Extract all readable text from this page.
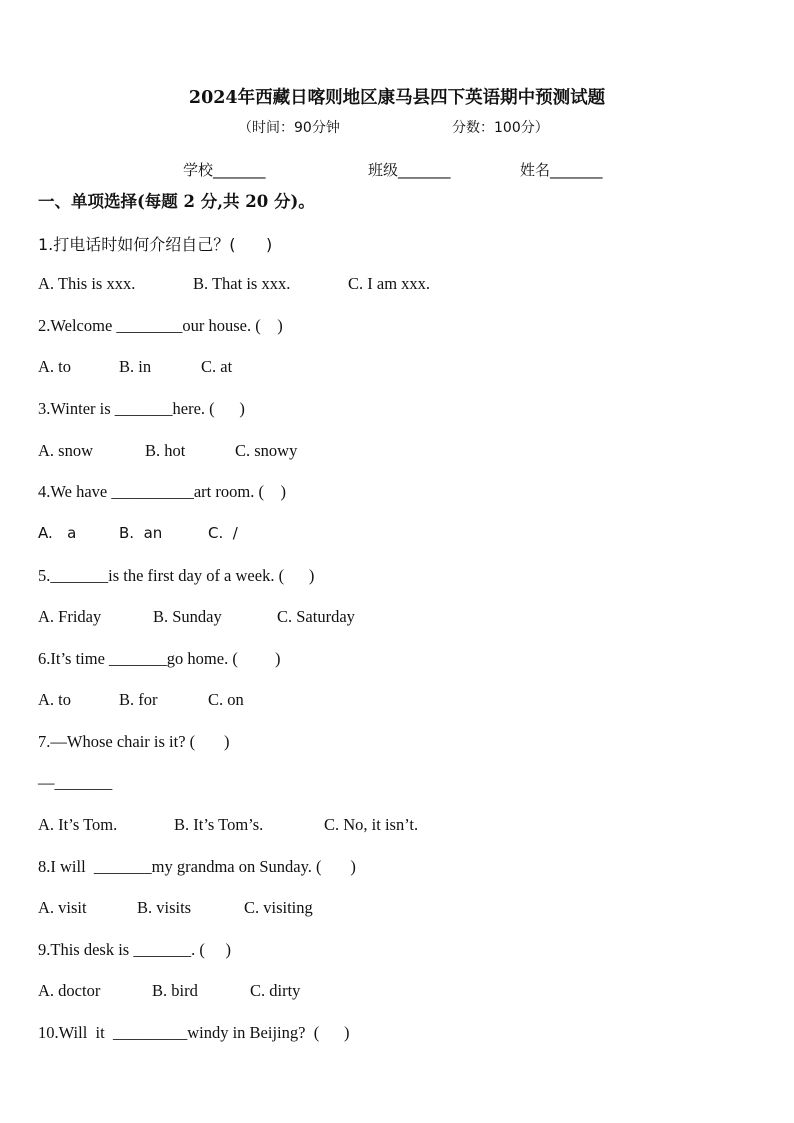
2024年西藏日喀则地区康马县四下英语期中预测试题
（时间：90分钟	分数：100分）
学校_______	班级_______	姓名_______
一、单项选择(每题 2 分,共 20 分)。
1.打电话时如何介绍自己？(      )
A. This is xxx.	B. That is xxx.	C. I am xxx.
2.Welcome ________our house. (    )
A. to	B. in	C. at
3.Winter is _______here. (      )
A. snow	B. hot	C. snowy
4.We have __________art room. (    )
A.   a	B.  an	C.  /
5._______is the first day of a week. (      )
A. Friday	B. Sunday	C. Saturday
6.It’s time _______go home. (         )
A. to	B. for	C. on
7.—Whose chair is it? (       )
—_______
A. It’s Tom.	B. It’s Tom’s.	C. No, it isn’t.
8.I will  _______my grandma on Sunday. (       )
A. visit	B. visits	C. visiting
9.This desk is _______. (     )
A. doctor	B. bird	C. dirty
10.Will  it  _________windy in Beijing?  (      )
